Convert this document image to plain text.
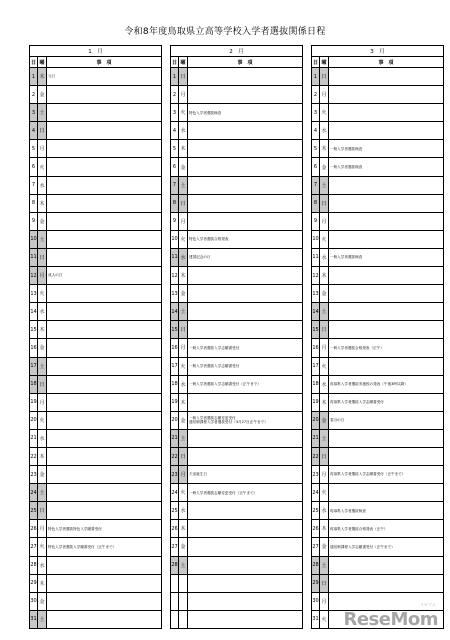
令和8年度鳥取県立高等学校入学者選抜関係日程
1　月		
日	曜	事　項
1	木	元日
2	金	
3	土	
4	日	
5	月	
6	火	
7	水	
8	木	
9	金	
10	土	
11	日	
12	月	成人の日
13	火	
14	水	
15	木	
16	金	
17	土	
18	日	
19	月	
20	火	
21	水	
22	木	
23	金	
24	土	
25	日	
26	月	特色入学者選抜特色入学願書受付
27	火	特色入学者選抜入学願書受付（正午まで）
28	水	
29	木	
30	金	
31	土	
2　月		
日	曜	事　項
1	日	
2	月	
3	火	特色入学者選抜検査
4	水	
5	木	
6	金	
7	土	
8	日	
9	月	
10	火	特色入学者選抜合格発表
11	水	建国記念の日
12	木	
13	金	
14	土	
15	日	
16	月	一般入学者選抜入学志願書受付
17	火	一般入学者選抜入学志願書受付
18	水	一般入学者選抜入学志願書受付（正午まで）
19	木	
20	金	一般入学者選抜志願変更受付
通信制課程入学者選抜受付（3月27日正午まで）
21	土	
22	日	
23	月	天皇誕生日
24	火	一般入学者選抜志願変更受付（正午まで）
25	水	
26	木	
27	金	
28	土	

3　月		
日	曜	事　項
1	日	
2	月	
3	火	
4	水	
5	木	一般入学者選抜検査
6	金	一般入学者選抜検査
7	土	
8	日	
9	月	
10	火	
11	水	一般入学者選抜検査
12	木	
13	金	
14	土	
15	日	
16	月	一般入学者選抜合格発表（正午）
17	火	
18	水	再募集入学者選抜実施校の発表（午後3時以降）
19	木	再募集入学者選抜入学志願書受付
20	金	春分の日
21	土	
22	日	
23	月	再募集入学者選抜入学志願書受付（正午まで）
24	火	
25	水	再募集入学者選抜検査
26	木	再募集入学者選抜合格発表（正午）
27	金	通信制課程入学志願書受付（正午まで）
28	土	
29	日	
30	月	
31	火	
リセマム
ReseMom
